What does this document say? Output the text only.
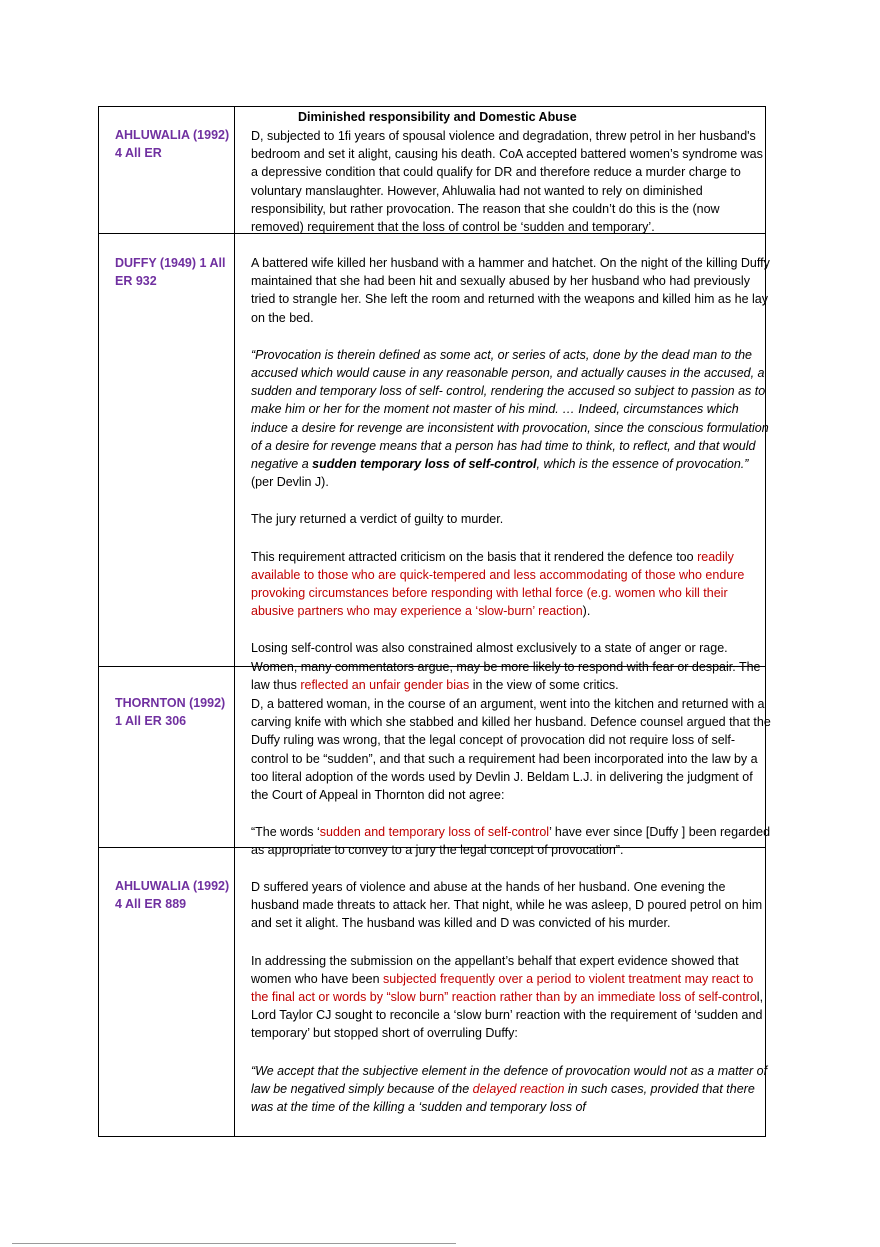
Diminished responsibility and Domestic Abuse
AHLUWALIA (1992) 4 All ER
DUFFY (1949) 1 All ER 932
THORNTON (1992) 1 All ER 306
AHLUWALIA (1992) 4 All ER 889

D, subjected to 1fi years of spousal violence and degradation, threw petrol in her husband's bedroom and set it alight, causing his death. CoA accepted battered women’s syndrome was a depressive condition that could qualify for DR and therefore reduce a murder charge to voluntary manslaughter. However, Ahluwalia had not wanted to rely on diminished responsibility, but rather provocation. The reason that she couldn’t do this is the (now removed) requirement that the loss of control be ‘sudden and temporary’.

A battered wife killed her husband with a hammer and hatchet. On the night of the killing Duffy maintained that she had been hit and sexually abused by her husband who had previously tried to strangle her. She left the room and returned with the weapons and killed him as he lay on the bed.

“Provocation is therein defined as some act, or series of acts, done by the dead man to the accused which would cause in any reasonable person, and actually causes in the accused, a sudden and temporary loss of self- control, rendering the accused so subject to passion as to make him or her for the moment not master of his mind. … Indeed, circumstances which induce a desire for revenge are inconsistent with provocation, since the conscious formulation of a desire for revenge means that a person has had time to think, to reflect, and that would negative a sudden temporary loss of self-control, which is the essence of provocation.” (per Devlin J).

The jury returned a verdict of guilty to murder.

This requirement attracted criticism on the basis that it rendered the defence too readily available to those who are quick-tempered and less accommodating of those who endure provoking circumstances before responding with lethal force (e.g. women who kill their abusive partners who may experience a ‘slow-burn’ reaction).

Losing self-control was also constrained almost exclusively to a state of anger or rage. Women, many commentators argue, may be more likely to respond with fear or despair. The law thus reflected an unfair gender bias in the view of some critics.

D, a battered woman, in the course of an argument, went into the kitchen and returned with a carving knife with which she stabbed and killed her husband. Defence counsel argued that the Duffy ruling was wrong, that the legal concept of provocation did not require loss of self-control to be “sudden”, and that such a requirement had been incorporated into the law by a too literal adoption of the words used by Devlin J. Beldam L.J. in delivering the judgment of the Court of Appeal in Thornton did not agree:

“The words ‘sudden and temporary loss of self-control’ have ever since [Duffy ] been regarded as appropriate to convey to a jury the legal concept of provocation”.

D suffered years of violence and abuse at the hands of her husband. One evening the husband made threats to attack her. That night, while he was asleep, D poured petrol on him and set it alight. The husband was killed and D was convicted of his murder.

In addressing the submission on the appellant’s behalf that expert evidence showed that women who have been subjected frequently over a period to violent treatment may react to the final act or words by “slow burn” reaction rather than by an immediate loss of self-control, Lord Taylor CJ sought to reconcile a ‘slow burn’ reaction with the requirement of ‘sudden and temporary’ but stopped short of overruling Duffy:

“We accept that the subjective element in the defence of provocation would not as a matter of law be negatived simply because of the delayed reaction in such cases, provided that there was at the time of the killing a ‘sudden and temporary loss of
